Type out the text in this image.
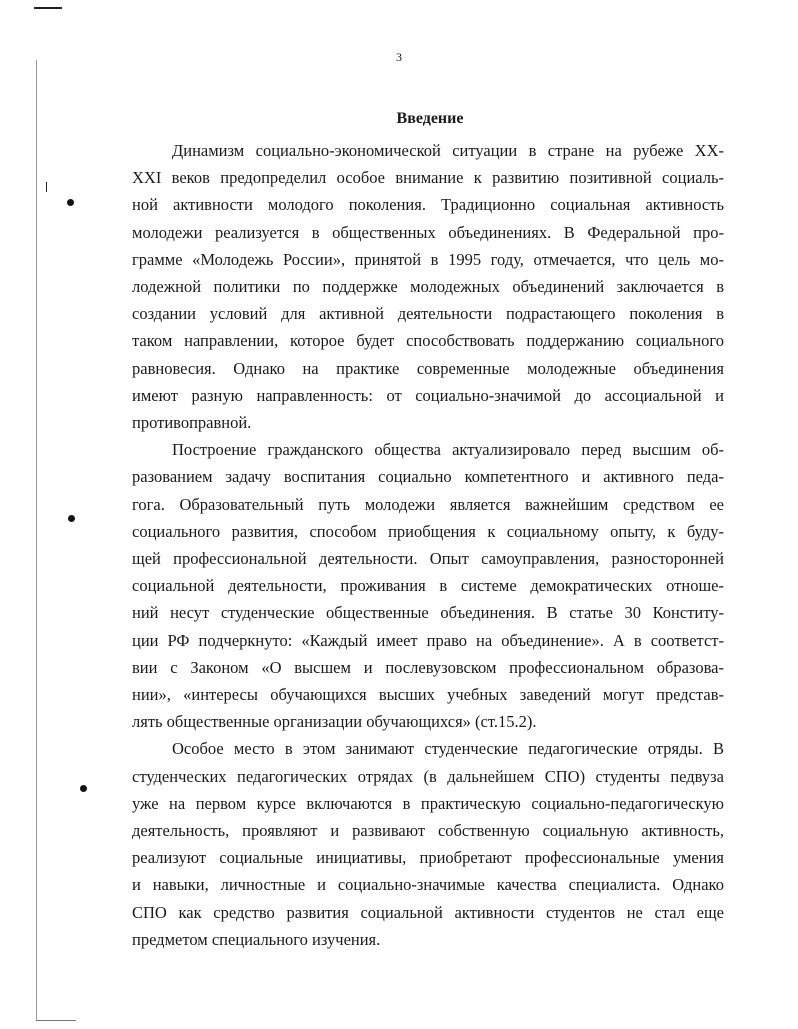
3
Введение
Динамизм социально-экономической ситуации в стране на рубеже XX-
XXI веков предопределил особое внимание к развитию позитивной социаль-
ной активности молодого поколения. Традиционно социальная активность
молодежи реализуется в общественных объединениях. В Федеральной про-
грамме «Молодежь России», принятой в 1995 году, отмечается, что цель мо-
лодежной политики по поддержке молодежных объединений заключается в
создании условий для активной деятельности подрастающего поколения в
таком направлении, которое будет способствовать поддержанию социального
равновесия. Однако на практике современные молодежные объединения
имеют разную направленность: от социально-значимой до ассоциальной и
противоправной.
Построение гражданского общества актуализировало перед высшим об-
разованием задачу воспитания социально компетентного и активного педа-
гога. Образовательный путь молодежи является важнейшим средством ее
социального развития, способом приобщения к социальному опыту, к буду-
щей профессиональной деятельности. Опыт самоуправления, разносторонней
социальной деятельности, проживания в системе демократических отноше-
ний несут студенческие общественные объединения. В статье 30 Конститу-
ции РФ подчеркнуто: «Каждый имеет право на объединение». А в соответст-
вии с Законом «О высшем и послевузовском профессиональном образова-
нии», «интересы обучающихся высших учебных заведений могут представ-
лять общественные организации обучающихся» (ст.15.2).
Особое место в этом занимают студенческие педагогические отряды. В
студенческих педагогических отрядах (в дальнейшем СПО) студенты педвуза
уже на первом курсе включаются в практическую социально-педагогическую
деятельность, проявляют и развивают собственную социальную активность,
реализуют социальные инициативы, приобретают профессиональные умения
и навыки, личностные и социально-значимые качества специалиста. Однако
СПО как средство развития социальной активности студентов не стал еще
предметом специального изучения.
